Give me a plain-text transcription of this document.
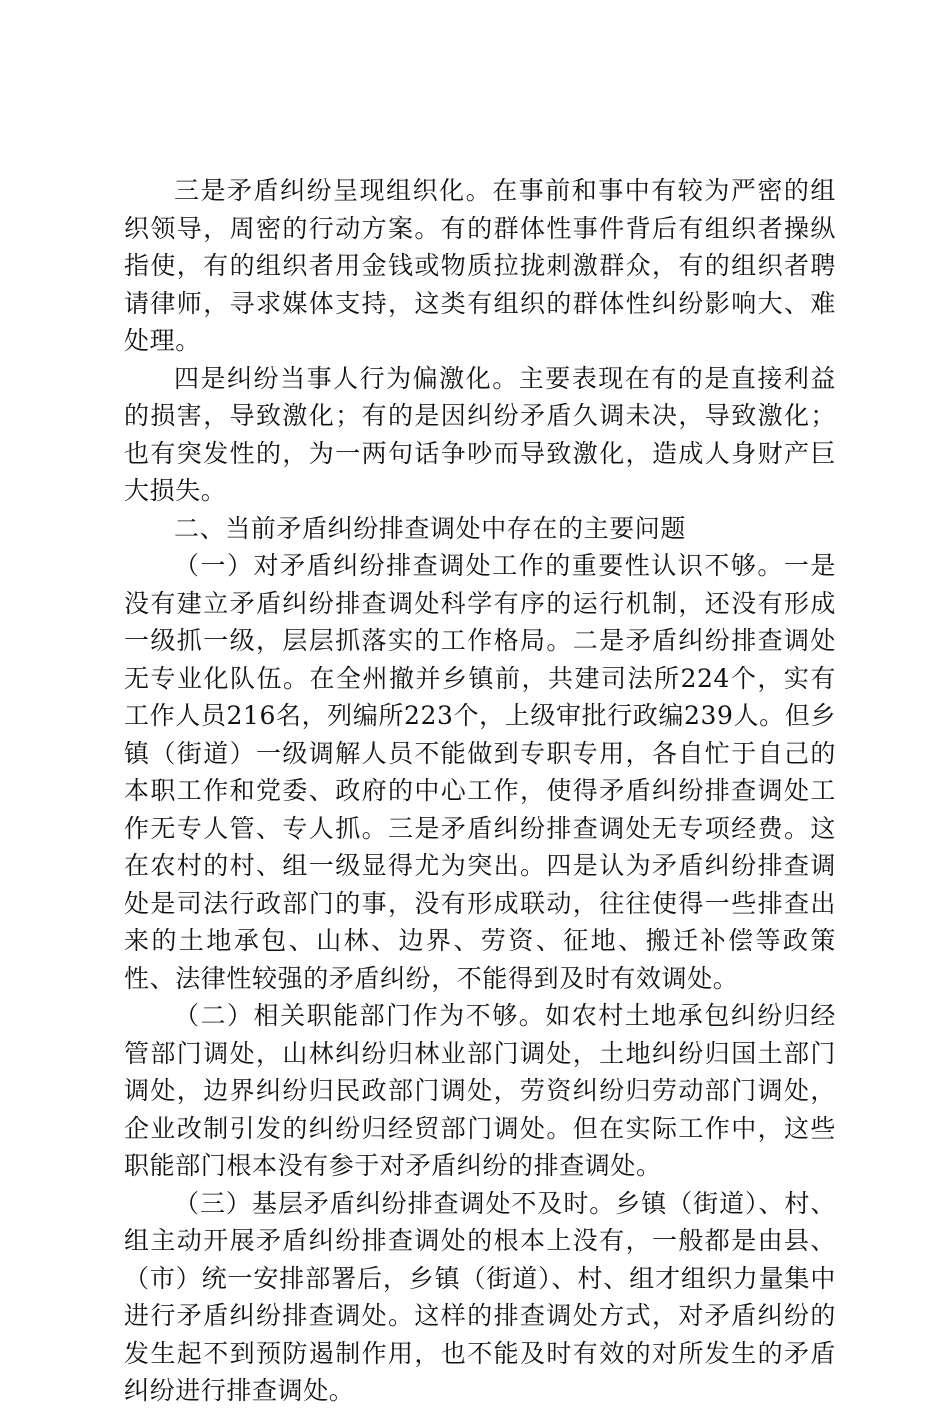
三是矛盾纠纷呈现组织化。在事前和事中有较为严密的组织领导，周密的行动方案。有的群体性事件背后有组织者操纵指使，有的组织者用金钱或物质拉拢刺激群众，有的组织者聘请律师，寻求媒体支持，这类有组织的群体性纠纷影响大、难处理。

四是纠纷当事人行为偏激化。主要表现在有的是直接利益的损害，导致激化；有的是因纠纷矛盾久调未决，导致激化；也有突发性的，为一两句话争吵而导致激化，造成人身财产巨大损失。

二、当前矛盾纠纷排查调处中存在的主要问题

（一）对矛盾纠纷排查调处工作的重要性认识不够。一是没有建立矛盾纠纷排查调处科学有序的运行机制，还没有形成一级抓一级，层层抓落实的工作格局。二是矛盾纠纷排查调处无专业化队伍。在全州撤并乡镇前，共建司法所224个，实有工作人员216名，列编所223个，上级审批行政编239人。但乡镇（街道）一级调解人员不能做到专职专用，各自忙于自己的本职工作和党委、政府的中心工作，使得矛盾纠纷排查调处工作无专人管、专人抓。三是矛盾纠纷排查调处无专项经费。这在农村的村、组一级显得尤为突出。四是认为矛盾纠纷排查调处是司法行政部门的事，没有形成联动，往往使得一些排查出来的土地承包、山林、边界、劳资、征地、搬迁补偿等政策性、法律性较强的矛盾纠纷，不能得到及时有效调处。

（二）相关职能部门作为不够。如农村土地承包纠纷归经管部门调处，山林纠纷归林业部门调处，土地纠纷归国土部门调处，边界纠纷归民政部门调处，劳资纠纷归劳动部门调处，企业改制引发的纠纷归经贸部门调处。但在实际工作中，这些职能部门根本没有参于对矛盾纠纷的排查调处。

（三）基层矛盾纠纷排查调处不及时。乡镇（街道）、村、组主动开展矛盾纠纷排查调处的根本上没有，一般都是由县、（市）统一安排部署后，乡镇（街道）、村、组才组织力量集中进行矛盾纠纷排查调处。这样的排查调处方式，对矛盾纠纷的发生起不到预防遏制作用，也不能及时有效的对所发生的矛盾纠纷进行排查调处。
